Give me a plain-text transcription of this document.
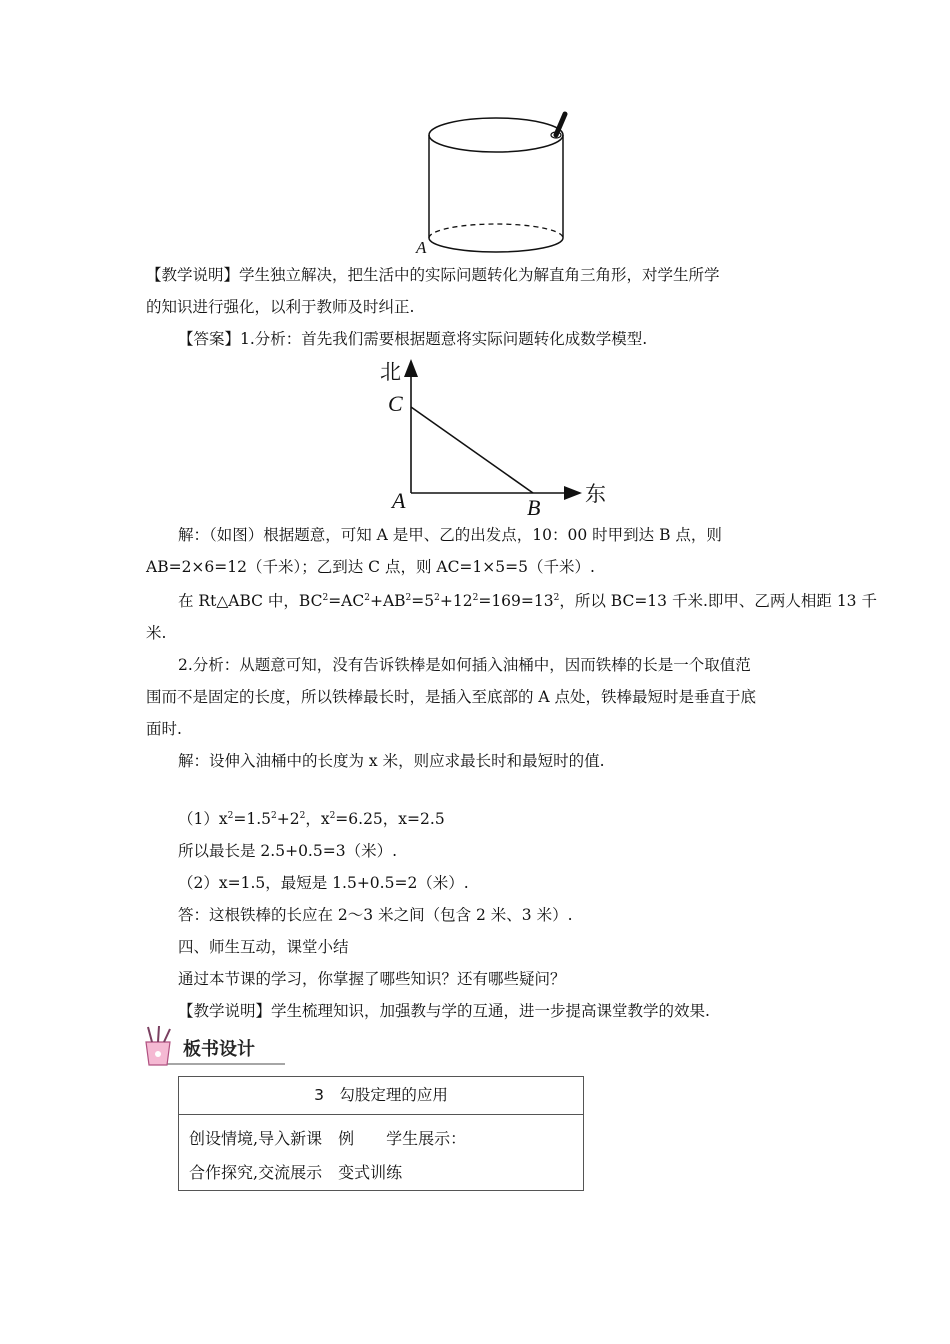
A
【教学说明】学生独立解决，把生活中的实际问题转化为解直角三角形，对学生所学
的知识进行强化，以利于教师及时纠正.
【答案】1.分析：首先我们需要根据题意将实际问题转化成数学模型.
北
东
C
A	B
解：（如图）根据题意，可知 A 是甲、乙的出发点，10：00 时甲到达 B 点，则
AB=2×6=12（千米）；乙到达 C 点，则 AC=1×5=5（千米）.
在 Rt△ABC 中，$BC^2=AC^2+AB^2=5^2+12^2=169=13^2$，所以 BC=13 千米.即甲、乙两人相距 13 千
米.
2.分析：从题意可知，没有告诉铁棒是如何插入油桶中，因而铁棒的长是一个取值范
围而不是固定的长度，所以铁棒最长时，是插入至底部的 A 点处，铁棒最短时是垂直于底
面时.
解：设伸入油桶中的长度为 x 米，则应求最长时和最短时的值.
$(1)x^2=1.5^2+2^2$，$x^2=6.25$，x=2.5
所以最长是 2.5+0.5=3（米）.
（2）x=1.5，最短是 1.5+0.5=2（米）.
答：这根铁棒的长应在 2～3 米之间（包含 2 米、3 米）.
四、师生互动，课堂小结
通过本节课的学习，你掌握了哪些知识？还有哪些疑问？
【教学说明】学生梳理知识，加强教与学的互通，进一步提高课堂教学的效果.
板书设计
3　勾股定理的应用
创设情境,导入新课　例　　学生展示：
合作探究,交流展示　变式训练
